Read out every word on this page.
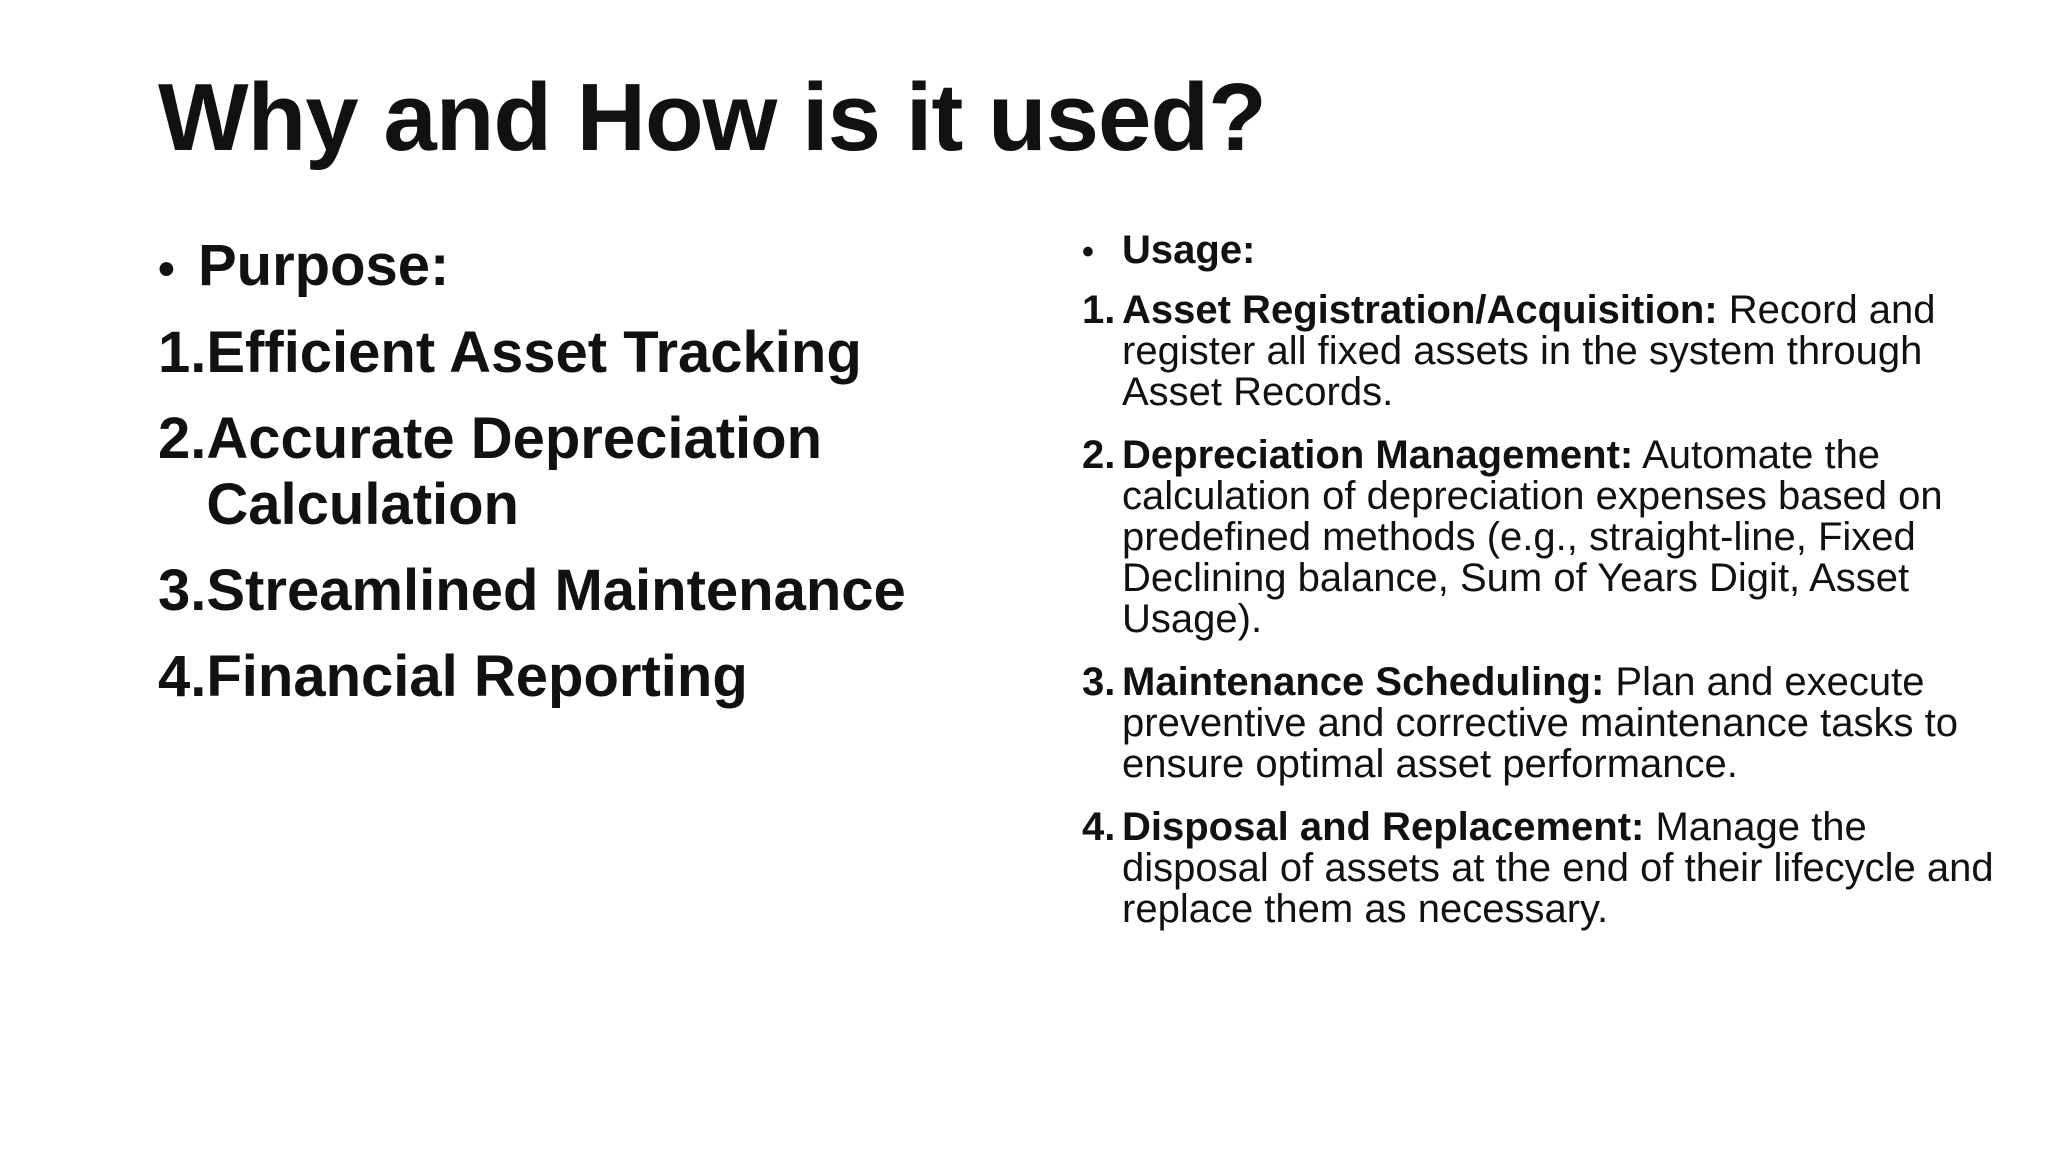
Why and How is it used?
• Purpose:
1. Efficient Asset Tracking
2. Accurate Depreciation Calculation
3. Streamlined Maintenance
4. Financial Reporting
• Usage:
1. Asset Registration/Acquisition: Record and register all fixed assets in the system through Asset Records.
2. Depreciation Management: Automate the calculation of depreciation expenses based on predefined methods (e.g., straight-line, Fixed Declining balance, Sum of Years Digit, Asset Usage).
3. Maintenance Scheduling: Plan and execute preventive and corrective maintenance tasks to ensure optimal asset performance.
4. Disposal and Replacement: Manage the disposal of assets at the end of their lifecycle and replace them as necessary.
